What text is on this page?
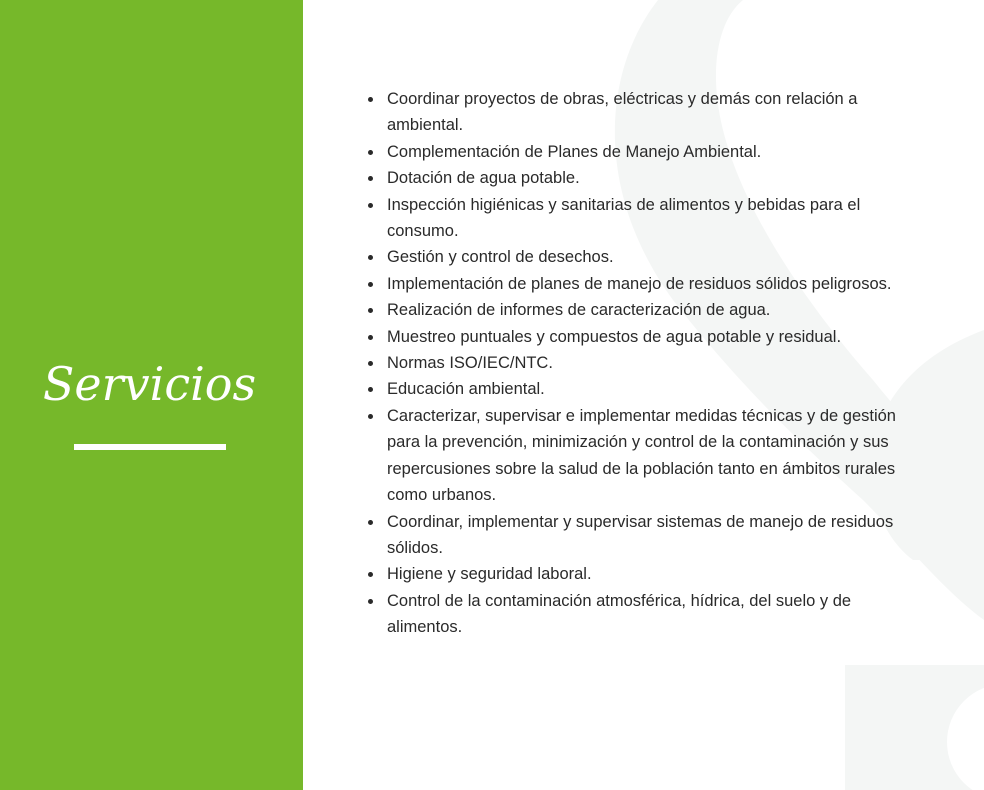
Servicios
Coordinar proyectos de obras, eléctricas y demás con relación a ambiental.
Complementación de Planes de Manejo Ambiental.
Dotación de agua potable.
Inspección higiénicas y sanitarias de alimentos y bebidas para el consumo.
Gestión y control de desechos.
Implementación de planes de manejo de residuos sólidos peligrosos.
Realización de informes de caracterización de agua.
Muestreo puntuales y compuestos de agua potable y residual.
Normas ISO/IEC/NTC.
Educación ambiental.
Caracterizar, supervisar e implementar medidas técnicas y de gestión para la prevención, minimización y control de la contaminación y sus repercusiones sobre la salud de la población tanto en ámbitos rurales como urbanos.
Coordinar, implementar y supervisar sistemas de manejo de residuos sólidos.
Higiene y seguridad laboral.
Control de la contaminación atmosférica, hídrica, del suelo y de alimentos.
